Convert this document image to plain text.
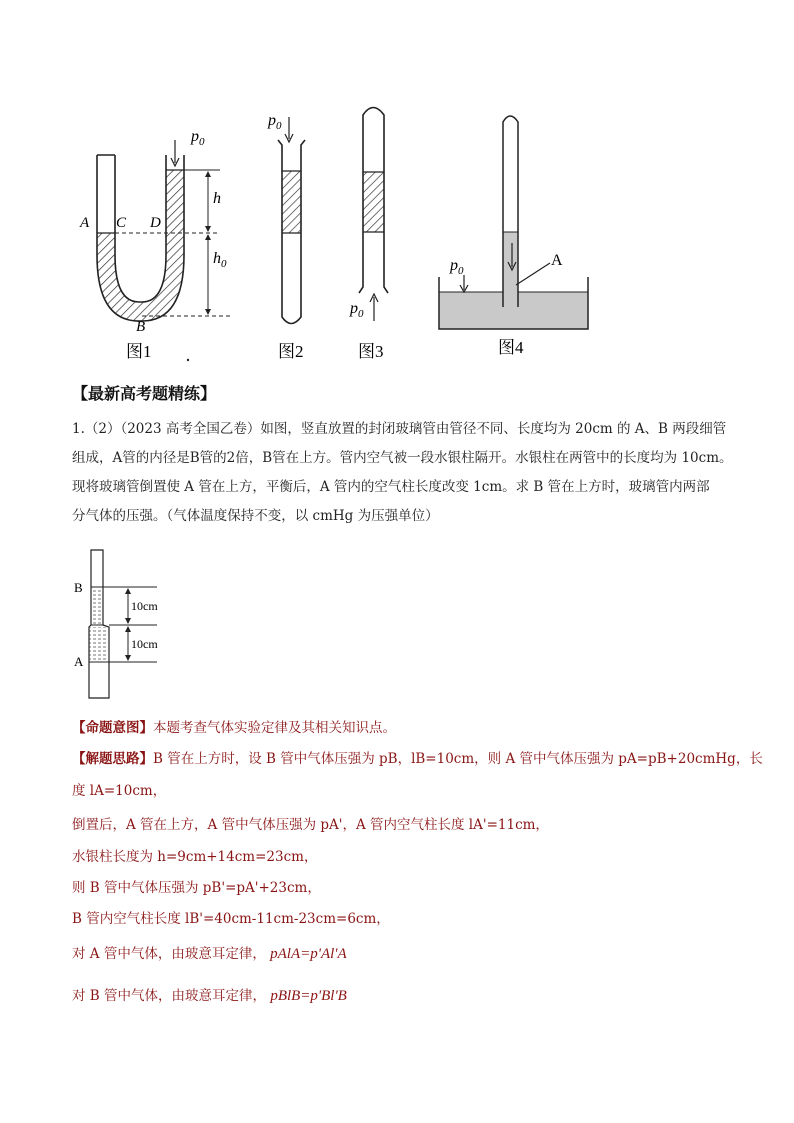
$p_0$
h
$h_0$
A C D
B
图1
$p_0$
图2
$p_0$
图3
$p_0$
A
图4
【最新高考题精练】
1.（2）（2023 高考全国乙卷）如图，竖直放置的封闭玻璃管由管径不同、长度均为 20cm 的 A、B 两段细管
组成，A管的内径是B管的2倍，B管在上方。管内空气被一段水银柱隔开。水银柱在两管中的长度均为 10cm。
现将玻璃管倒置使 A 管在上方，平衡后，A 管内的空气柱长度改变 1cm。求 B 管在上方时，玻璃管内两部
分气体的压强。（气体温度保持不变，以 cmHg 为压强单位）
B
A
10cm
10cm
【命题意图】本题考查气体实验定律及其相关知识点。
【解题思路】B 管在上方时，设 B 管中气体压强为 pB，lB=10cm，则 A 管中气体压强为 pA=pB+20cmHg，长
度 lA=10cm，
倒置后，A 管在上方，A 管中气体压强为 pA'，A 管内空气柱长度 lA'=11cm，
水银柱长度为 h=9cm+14cm=23cm，
则 B 管中气体压强为 pB'=pA'+23cm，
B 管内空气柱长度 lB'=40cm-11cm-23cm=6cm，
对 A 管中气体，由玻意耳定律， pAlA=p'Al'A
对 B 管中气体，由玻意耳定律， pBlB=p'Bl'B
